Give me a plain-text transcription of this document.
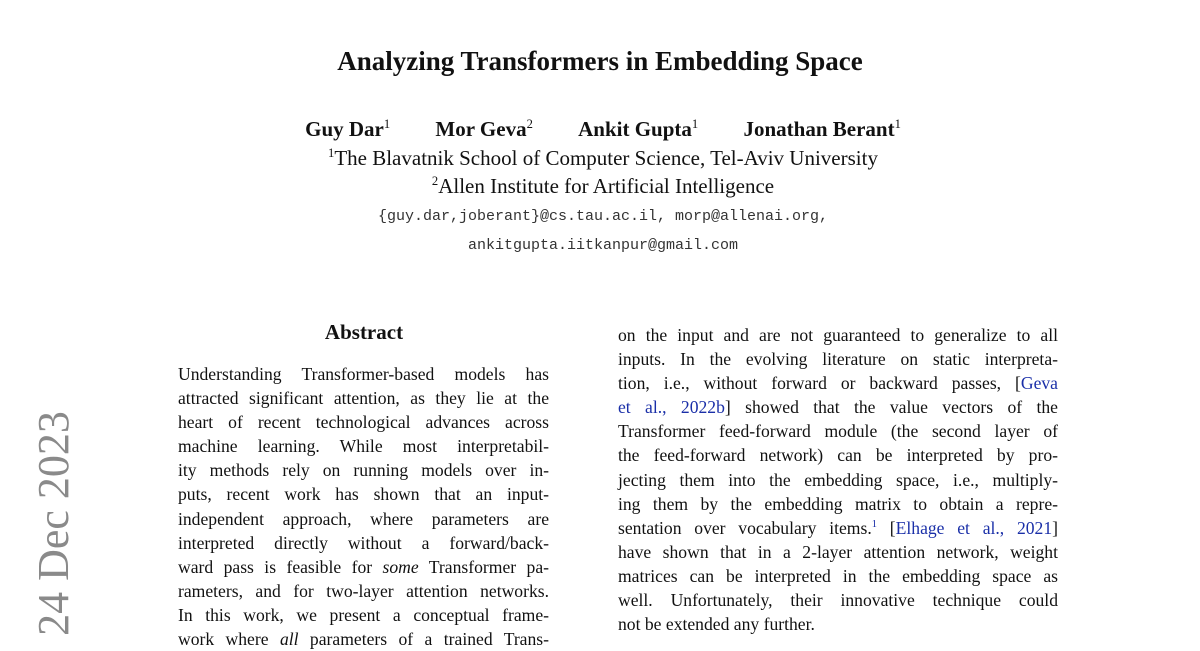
24 Dec 2023
Analyzing Transformers in Embedding Space
Guy Dar$^1$ Mor Geva$^2$ Ankit Gupta$^1$ Jonathan Berant$^1$
$^1$The Blavatnik School of Computer Science, Tel-Aviv University
$^2$Allen Institute for Artificial Intelligence
{guy.dar,joberant}@cs.tau.ac.il, morp@allenai.org,
ankitgupta.iitkanpur@gmail.com
Abstract
Understanding Transformer-based models has
attracted significant attention, as they lie at the
heart of recent technological advances across
machine learning. While most interpretabil-
ity methods rely on running models over in-
puts, recent work has shown that an input-
independent approach, where parameters are
interpreted directly without a forward/back-
ward pass is feasible for some Transformer pa-
rameters, and for two-layer attention networks.
In this work, we present a conceptual frame-
work where all parameters of a trained Trans-
on the input and are not guaranteed to generalize to all
inputs. In the evolving literature on static interpreta-
tion, i.e., without forward or backward passes, [Geva
et al., 2022b] showed that the value vectors of the
Transformer feed-forward module (the second layer of
the feed-forward network) can be interpreted by pro-
jecting them into the embedding space, i.e., multiply-
ing them by the embedding matrix to obtain a repre-
sentation over vocabulary items.$^1$ [Elhage et al., 2021]
have shown that in a 2-layer attention network, weight
matrices can be interpreted in the embedding space as
well. Unfortunately, their innovative technique could
not be extended any further.
